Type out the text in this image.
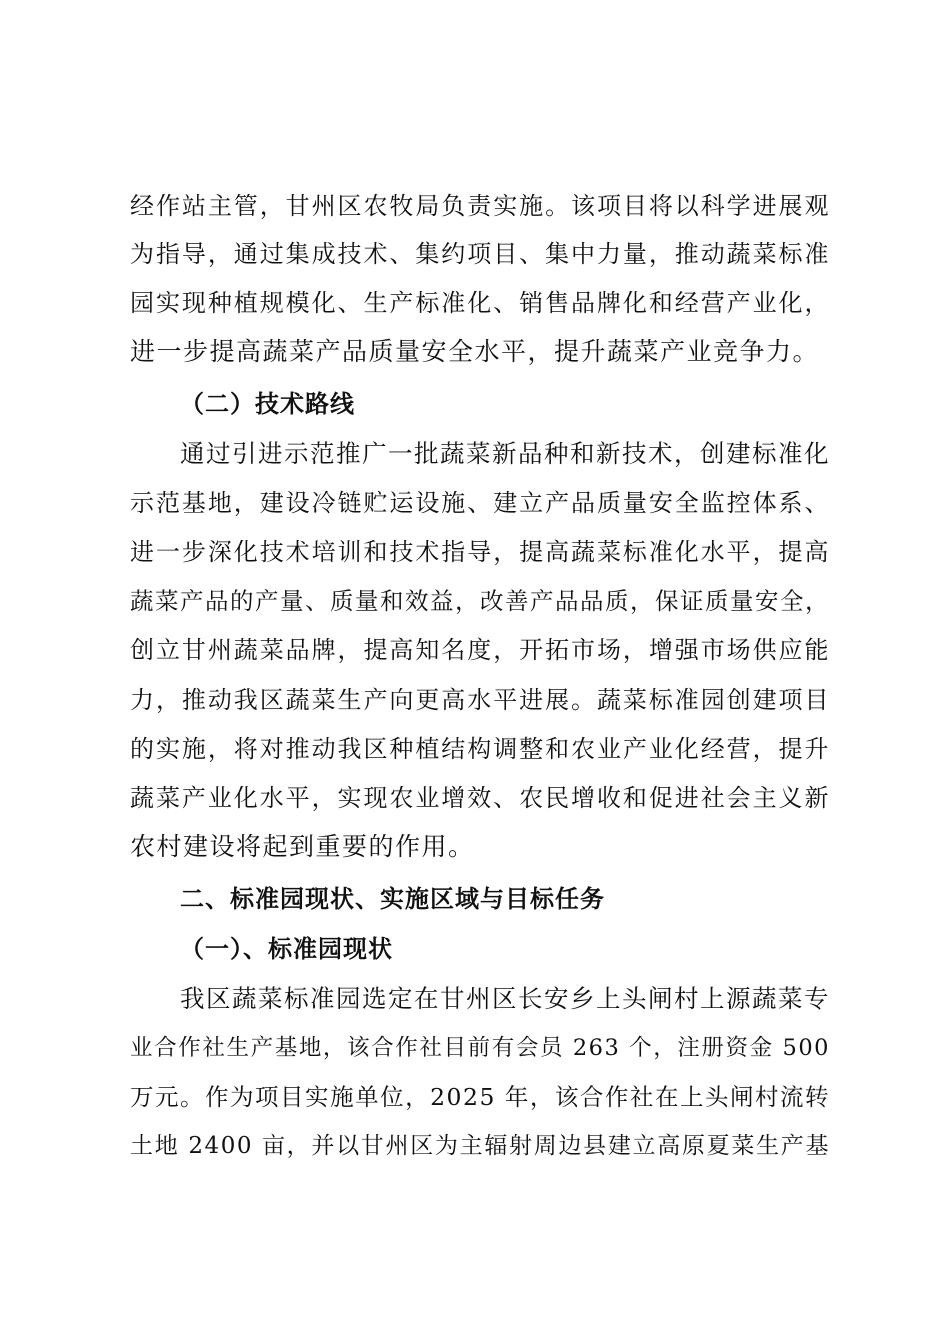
经作站主管，甘州区农牧局负责实施。该项目将以科学进展观
为指导，通过集成技术、集约项目、集中力量，推动蔬菜标准
园实现种植规模化、生产标准化、销售品牌化和经营产业化，
进一步提高蔬菜产品质量安全水平，提升蔬菜产业竞争力。
（二）技术路线
通过引进示范推广一批蔬菜新品种和新技术，创建标准化
示范基地，建设冷链贮运设施、建立产品质量安全监控体系、
进一步深化技术培训和技术指导，提高蔬菜标准化水平，提高
蔬菜产品的产量、质量和效益，改善产品品质，保证质量安全，
创立甘州蔬菜品牌，提高知名度，开拓市场，增强市场供应能
力，推动我区蔬菜生产向更高水平进展。蔬菜标准园创建项目
的实施，将对推动我区种植结构调整和农业产业化经营，提升
蔬菜产业化水平，实现农业增效、农民增收和促进社会主义新
农村建设将起到重要的作用。
二、标准园现状、实施区域与目标任务
（一）、标准园现状
我区蔬菜标准园选定在甘州区长安乡上头闸村上源蔬菜专
业合作社生产基地，该合作社目前有会员 263 个，注册资金 500
万元。作为项目实施单位，2025 年，该合作社在上头闸村流转
土地 2400 亩，并以甘州区为主辐射周边县建立高原夏菜生产基
